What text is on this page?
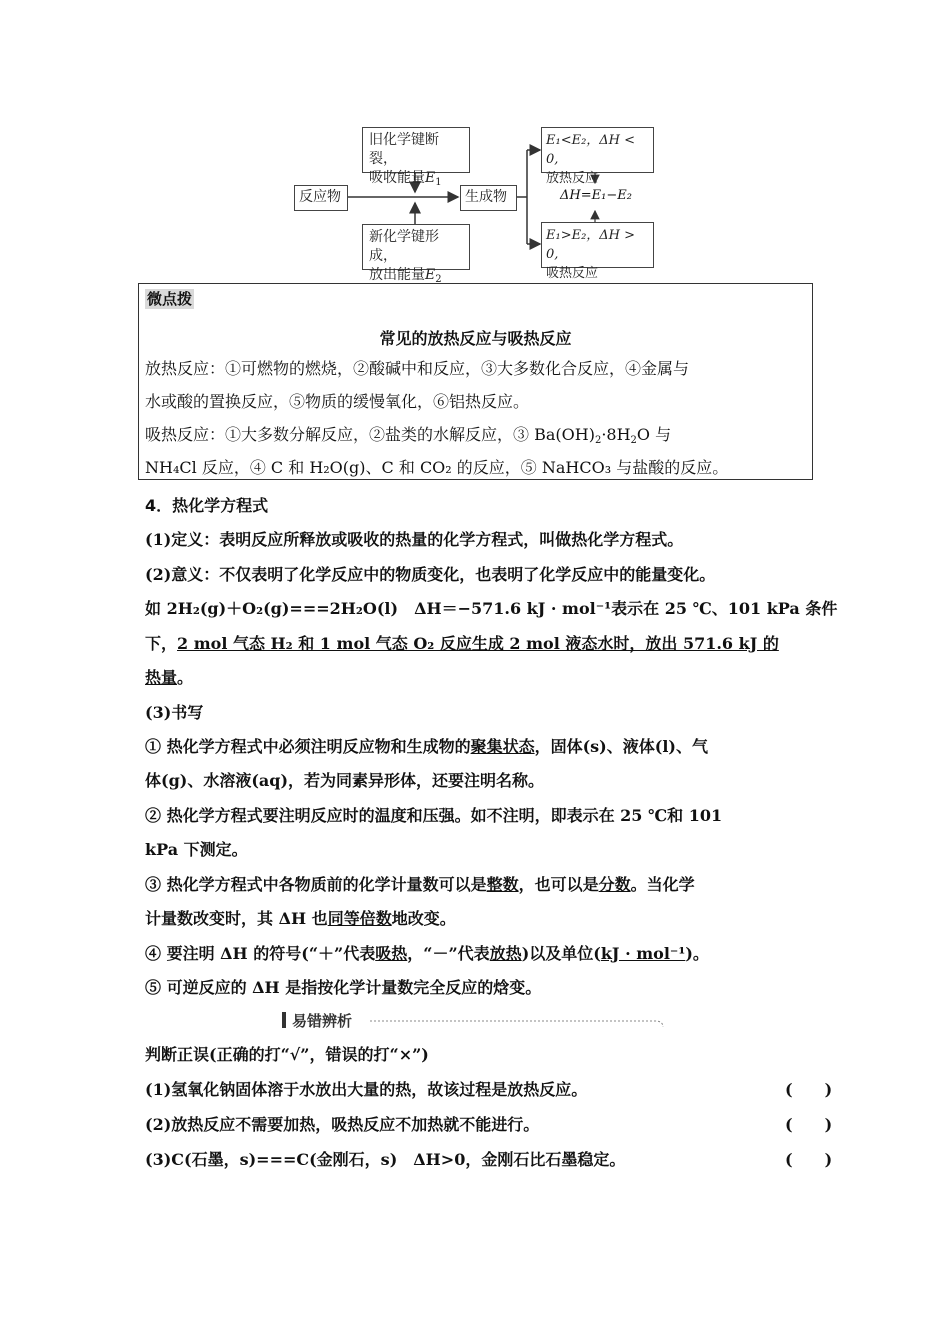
反应物
旧化学键断裂，
吸收能量$E_1$
新化学键形成，
放出能量$E_2$
生成物
E₁<E₂，ΔH < 0,
放热反应
ΔH=E₁−E₂
E₁>E₂，ΔH > 0,
吸热反应
微点拨
常见的放热反应与吸热反应
放热反应：①可燃物的燃烧，②酸碱中和反应，③大多数化合反应，④金属与
水或酸的置换反应，⑤物质的缓慢氧化，⑥铝热反应。
吸热反应：①大多数分解反应，②盐类的水解反应，③ $Ba(OH)_2\cdot 8H_2O$ 与
NH₄Cl 反应，④ C 和 H₂O(g)、C 和 CO₂ 的反应，⑤ NaHCO₃ 与盐酸的反应。
4．热化学方程式
(1)定义：表明反应所释放或吸收的热量的化学方程式，叫做热化学方程式。
(2)意义：不仅表明了化学反应中的物质变化，也表明了化学反应中的能量变化。
如 2H₂(g)＋O₂(g)===2H₂O(l)　ΔH＝−571.6 kJ · mol⁻¹表示在 25 ℃、101 kPa 条件
下，2 mol 气态 H₂ 和 1 mol 气态 O₂ 反应生成 2 mol 液态水时，放出 571.6 kJ 的
热量。
(3)书写
① 热化学方程式中必须注明反应物和生成物的聚集状态，固体(s)、液体(l)、气
体(g)、水溶液(aq)，若为同素异形体，还要注明名称。
② 热化学方程式要注明反应时的温度和压强。如不注明，即表示在 25 ℃和 101
kPa 下测定。
③ 热化学方程式中各物质前的化学计量数可以是整数，也可以是分数。当化学
计量数改变时，其 ΔH 也同等倍数地改变。
④ 要注明 ΔH 的符号(“＋”代表吸热，“－”代表放热)以及单位(kJ · mol⁻¹)。
⑤ 可逆反应的 ΔH 是指按化学计量数完全反应的焓变。
易错辨析
判断正误(正确的打“√”，错误的打“×”)
(1)氢氧化钠固体溶于水放出大量的热，故该过程是放热反应。	(　　)
(2)放热反应不需要加热，吸热反应不加热就不能进行。	(　　)
(3)C(石墨，s)===C(金刚石，s)　ΔH>0，金刚石比石墨稳定。	(　　)
